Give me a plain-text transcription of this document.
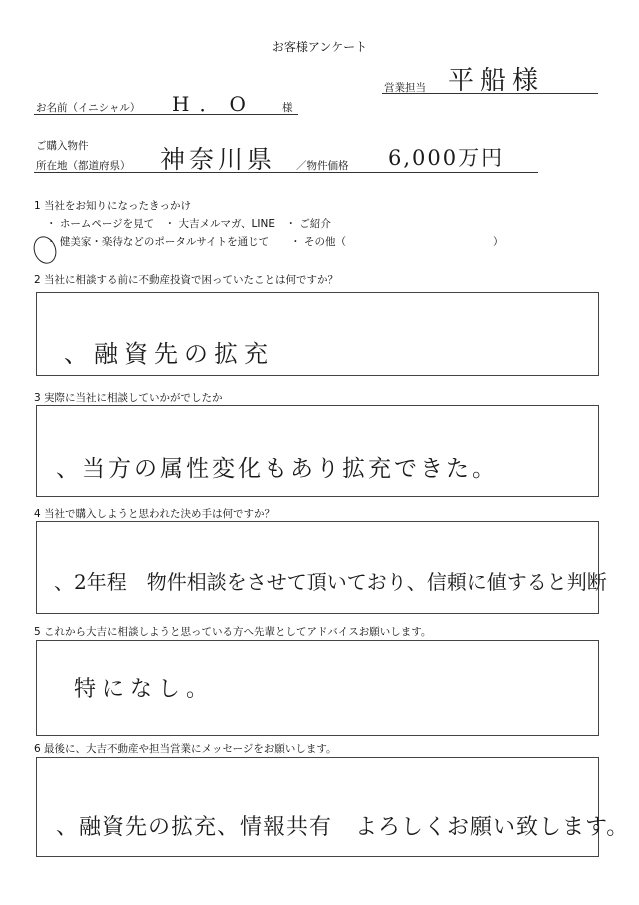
お客様アンケート
営業担当 平船様
お名前（イニシャル） H．O 様
ご購入物件
所在地（都道府県） 神奈川県 ／物件価格 6,000万円
1 当社をお知りになったきっかけ
・ ホームページを見て　・ 大吉メルマガ、LINE　・ ご紹介
・ 健美家・楽待などのポータルサイトを通じて　　・ その他（　　　　　　　　　　　　　　）
2 当社に相談する前に不動産投資で困っていたことは何ですか？
、融資先の拡充
3 実際に当社に相談していかがでしたか
、当方の属性変化もあり拡充できた。
4 当社で購入しようと思われた決め手は何ですか？
、2年程　物件相談をさせて頂いており、信頼に値すると判断
5 これから大吉に相談しようと思っている方へ先輩としてアドバイスお願いします。
特になし。
6 最後に、大吉不動産や担当営業にメッセージをお願いします。
、融資先の拡充、情報共有　よろしくお願い致します。
